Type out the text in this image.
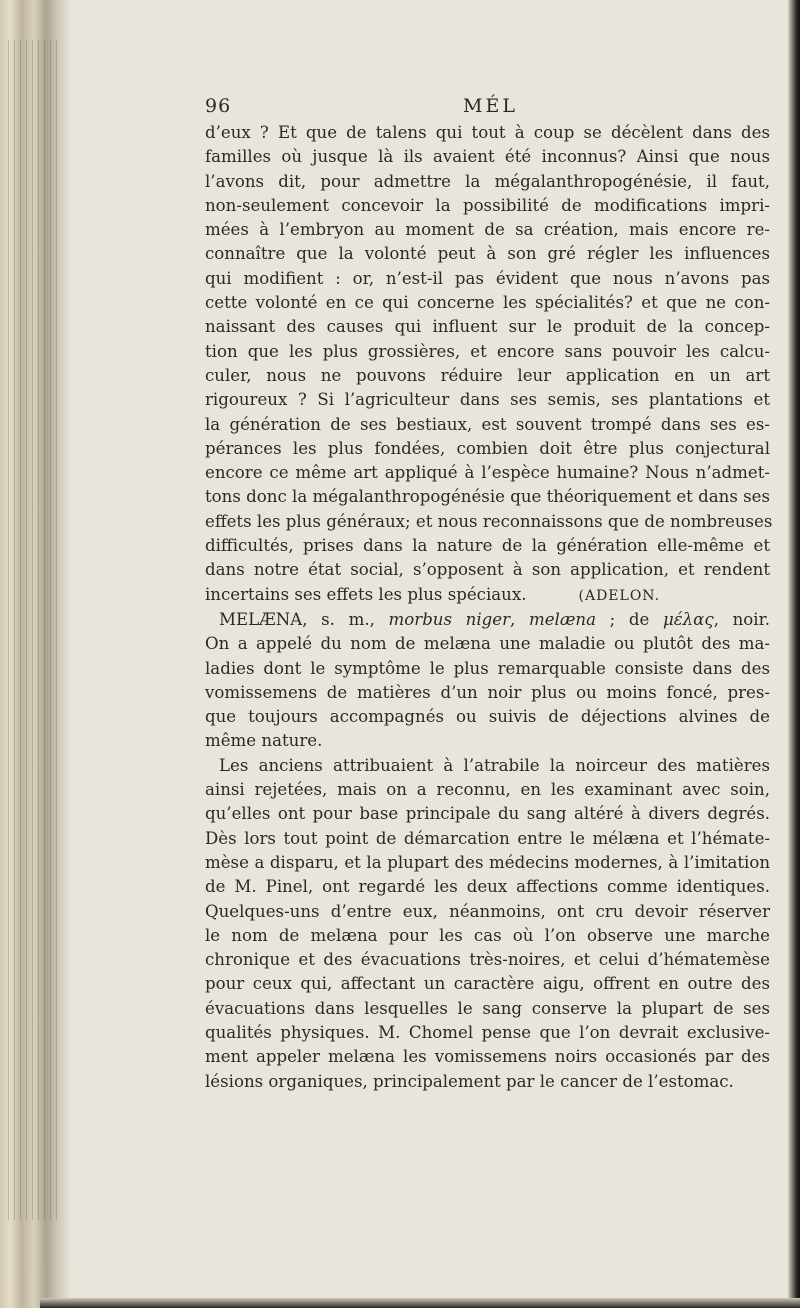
96	MÉL
d’eux ? Et que de talens qui tout à coup se décèlent dans des
familles où jusque là ils avaient été inconnus? Ainsi que nous
l’avons dit, pour admettre la mégalanthropogénésie, il faut,
non-seulement concevoir la possibilité de modifications impri-
mées à l’embryon au moment de sa création, mais encore re-
connaître que la volonté peut à son gré régler les influences
qui modifient : or, n’est-il pas évident que nous n’avons pas
cette volonté en ce qui concerne les spécialités? et que ne con-
naissant des causes qui influent sur le produit de la concep-
tion que les plus grossières, et encore sans pouvoir les calcu-
culer, nous ne pouvons réduire leur application en un art
rigoureux ? Si l’agriculteur dans ses semis, ses plantations et
la génération de ses bestiaux, est souvent trompé dans ses es-
pérances les plus fondées, combien doit être plus conjectural
encore ce même art appliqué à l’espèce humaine? Nous n’admet-
tons donc la mégalanthropogénésie que théoriquement et dans ses
effets les plus généraux; et nous reconnaissons que de nombreuses
difficultés, prises dans la nature de la génération elle-même et
dans notre état social, s’opposent à son application, et rendent
incertains ses effets les plus spéciaux.	(ADELON.
MELÆNA, s. m., morbus niger, melæna ; de μέλας, noir.
On a appelé du nom de melæna une maladie ou plutôt des ma-
ladies dont le symptôme le plus remarquable consiste dans des
vomissemens de matières d’un noir plus ou moins foncé, pres-
que toujours accompagnés ou suivis de déjections alvines de
même nature.
Les anciens attribuaient à l’atrabile la noirceur des matières
ainsi rejetées, mais on a reconnu, en les examinant avec soin,
qu’elles ont pour base principale du sang altéré à divers degrés.
Dès lors tout point de démarcation entre le mélæna et l’hémate-
mèse a disparu, et la plupart des médecins modernes, à l’imitation
de M. Pinel, ont regardé les deux affections comme identiques.
Quelques-uns d’entre eux, néanmoins, ont cru devoir réserver
le nom de melæna pour les cas où l’on observe une marche
chronique et des évacuations très-noires, et celui d’hématemèse
pour ceux qui, affectant un caractère aigu, offrent en outre des
évacuations dans lesquelles le sang conserve la plupart de ses
qualités physiques. M. Chomel pense que l’on devrait exclusive-
ment appeler melæna les vomissemens noirs occasionés par des
lésions organiques, principalement par le cancer de l’estomac.
